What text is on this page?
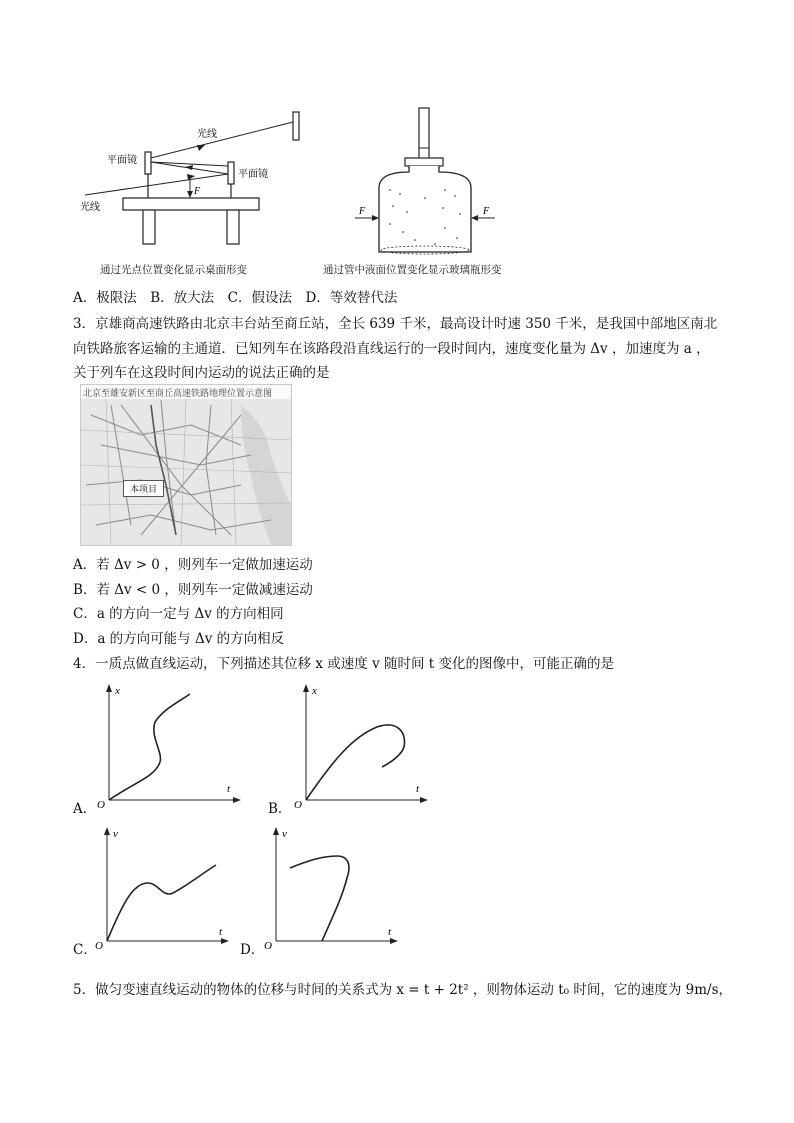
F
光线
平面镜
平面镜
光线
通过光点位置变化显示桌面形变
F	F
通过管中液面位置变化显示玻璃瓶形变
A．极限法　B．放大法　C．假设法　D．等效替代法
3．京雄商高速铁路由北京丰台站至商丘站，全长 639 千米，最高设计时速 350 千米，是我国中部地区南北
向铁路旅客运输的主通道．已知列车在该路段沿直线运行的一段时间内，速度变化量为 Δv ，加速度为 a ，
关于列车在这段时间内运动的说法正确的是
北京至雄安新区至商丘高速铁路地理位置示意图
本项目
A．若 Δv > 0 ，则列车一定做加速运动
B．若 Δv < 0 ，则列车一定做减速运动
C．a 的方向一定与 Δv 的方向相同
D．a 的方向可能与 Δv 的方向相反
4．一质点做直线运动，下列描述其位移 x 或速度 v 随时间 t 变化的图像中，可能正确的是
x
t
O
A．
x
t
O
B．
v
t
O
C．
v
t
O
D．
5．做匀变速直线运动的物体的位移与时间的关系式为 x = t + 2t² ，则物体运动 t₀ 时间，它的速度为 9m/s，
